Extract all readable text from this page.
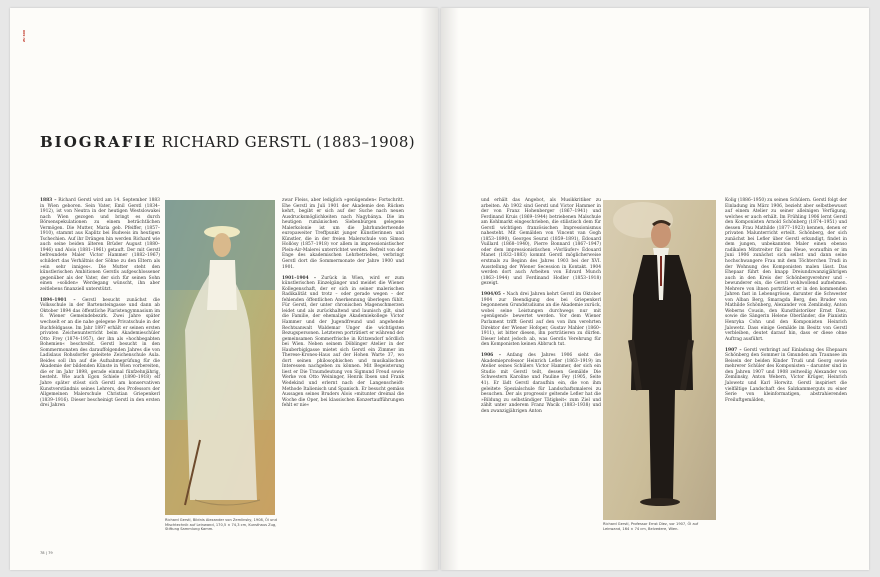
ZU 600
BIOGRAFIE RICHARD GERSTL (1883–1908)

1883 – Richard Gerstl wird am 14. September 1883 in Wien geboren. Sein Vater, Emil Gerstl (1834–1912), ist von Neutra in der heutigen Westslowakei nach Wien gezogen und bringt es durch Börsenspekulationen zu einem beträchtlichen Vermögen. Die Mutter, Maria geb. Pfeiffer, (1857–1910), stammt aus Kaplitz bei Budweis im heutigen Tschechien. Auf ihr Drängen hin werden Richard wie auch seine beiden älteren Brüder August (1880–1946) und Alois (1881–1961) getauft. Der mit Gerstl befreundete Maler Victor Hammer (1882–1967) schildert das Verhältnis der Söhne zu den Eltern als »ein sehr inniges«. Die Mutter steht den künstlerischen Ambitionen Gerstls aufgeschlossener gegenüber als der Vater, der sich für seinen Sohn einen »soliden« Werdegang wünscht, ihn aber zeitlebens finanziell unterstützt.

1894–1901 – Gerstl besucht zunächst die Volksschule in der Bartensteingasse und dann ab Oktober 1894 das öffentliche Piaristengymnasium im 8. Wiener Gemeindebezirk. Zwei Jahre später wechselt er an die nahe gelegene Privatschule in der Buchfeldgasse. Im Jahr 1897 erhält er seinen ersten privaten Zeichenunterricht beim Akademieschüler Otto Frey (1874–1957), der ihn als »hochbegabten Bohemien« beschreibt. Gerstl besucht in den Sommermonaten des darauffolgenden Jahres die von Ladislaus Rohsdorfer geleitete Zeichenschule Aula. Beides soll ihn auf die Aufnahmeprüfung für die Akademie der bildenden Künste in Wien vorbereiten, die er im Jahr 1898, gerade einmal fünfzehnjährig, besteht. Wie auch Egon Schiele (1890–1918) elf Jahre später stösst sich Gerstl am konservativen Kunstverständnis seines Lehrers, des Professors der Allgemeinen Malerschule Christian Griepenkerl (1839–1916). Dieser bescheinigt Gerstl in den ersten drei Jahren

Richard Gerstl, Bildnis Alexander von Zemlinsky, 1908, Öl und Mischtechnik auf Leinwand, 170,5 × 74,3 cm, Kunsthaus Zug, Stiftung Sammlung Kamm.

zwar Fleiss, aber lediglich »genügenden« Fortschritt. Ehe Gerstl im Juli 1901 der Akademie den Rücken kehrt, begibt er sich auf der Suche nach neuen Ausdrucksmöglichkeiten nach Nagybánya. Die im heutigen rumänischen Siebenbürgen gelegene Malerkolonie ist um die Jahrhundertwende europaweiter Treffpunkt junger Künstlerinnen und Künstler, die in der freien Malerschule von Simon Hollósy (1857–1918) vor allem in impressionistischer Plein-Air-Malerei unterrichtet werden. Befreit von der Enge des akademischen Lehrbetriebes, verbringt Gerstl dort die Sommermonate der Jahre 1900 und 1901.

1901–1904 – Zurück in Wien, wird er zum künstlerischen Einzelgänger und meidet die Wiener Kollegenschaft, der er sich in seiner malerischen Radikalität und trotz – oder gerade wegen – der fehlenden öffentlichen Anerkennung überlegen fühlt. Für Gerstl, der unter chronischen Magenschmerzen leidet und als zurückhaltend und launisch gilt, sind die Familie, der ehemalige Akademiekollege Victor Hammer und der Jugendfreund und angehende Rechtsanwalt Waldemar Unger die wichtigsten Bezugspersonen. Letzteren porträtiert er während der gemeinsamen Sommerfrische in Kritzendorf nördlich bei Wien. Neben seinem Döblinger Atelier in der Hauberbiglgasse mietet sich Gerstl ein Zimmer im Therese-Krones-Haus auf der Hohen Warte 37, wo dort seinen philosophischen und musikalischen Interessen nachgeben zu können. Mit Begeisterung liest er Die Traumdeutung von Sigmund Freud sowie Werke von Otto Weininger, Henrik Ibsen und Frank Wedekind und erlernt nach der Langenscheidt-Methode Italienisch und Spanisch. Er besucht gemäss Aussagen seines Bruders Alois »mitunter dreimal die Woche die Oper, bei klassischen Konzertaufführungen fehlt er nie«

78 | 79

und erhält das Angebot, als Musikkritiker zu arbeiten. Ab 1902 sind Gerstl und Victor Hammer in der von Franz Hohenberger (1867–1941) und Ferdinand Kruis (1869–1944) betriebenen Malschule am Kohlmarkt eingeschrieben, die stilistisch dem für Gerstl wichtigen französischen Impressionismus nahesteht. Mit Gemälden von Vincent van Gogh (1853–1890), Georges Seurat (1859–1891), Édouard Vuillard (1868–1940), Pierre Bonnard (1867–1947) oder dem impressionistischen »Vorläufer« Édouard Manet (1832–1883) kommt Gerstl möglicherweise erstmals zu Beginn des Jahres 1903 bei der XVI. Ausstellung der Wiener Secession in Kontakt. 1904 werden dort auch Arbeiten von Edvard Munch (1863–1944) und Ferdinand Hodler (1853–1918) gezeigt.

1904/05 – Nach drei Jahren kehrt Gerstl im Oktober 1904 zur Beendigung des bei Griepenkerl begonnenen Grundstudiums an die Akademie zurück, wobei seine Leistungen durchwegs nur mit »genügend« bewertet werden. Vor dem Wiener Parlament trifft Gerstl auf den von ihm verehrten Direktor der Wiener Hofoper, Gustav Mahler (1860–1911), ist bitter diesen, ihn porträtieren zu dürfen. Dieser lehnt jedoch ab, was Gerstls Verehrung für den Komponisten keinen Abbruch tut.

1906 – Anfang des Jahres 1906 sieht die Akademieprofessor Heinrich Lefler (1863–1919) im Atelier seines Schülers Victor Hammer, der sich ein Studio mit Gerstl teilt, dessen Gemälde Die Schwestern Karoline und Pauline Fey (1905, Seite 41). Er lädt Gerstl daraufhin ein, die von ihm geleitete Spezialschule für Landschaftsmalerei zu besuchen. Der als progressiv geltende Lefler hat die »Bildung zu selbständiger Tätigkeit« zum Ziel und zählt unter anderem Franz Wacik (1883–1938) und den zwanzigjährigen Anton

Richard Gerstl, Professor Ernst Diez, vor 1907, Öl auf Leinwand, 164 × 74 cm, Belvedere, Wien.

Kolig (1886–1950) zu seinen Schülern. Gerstl folgt der Einladung im März 1906, bezieht aber selbstbewusst auf einem Atelier zu seiner alleinigen Verfügung, welches er auch erhält. Im Frühling 1906 lernt Gerstl den Komponisten Arnold Schönberg (1874–1951) und dessen Frau Mathilde (1877–1923) kennen, denen er privaten Malunterricht erteilt. Schönberg, der sich zunächst bei Lefler über Gerstl erkundigt, findet in dem jungen, unbekannten Maler einen ebenso radikalen Mitstreiter für das Neue, woraufhin er im Juni 1906 zunächst sich selbst und dann seine hochschwangere Frau mit dem Töchterchen Trudi in der Wohnung des Komponisten malen lässt. Das Ehepaar führt den knapp Dreiundzwanzigjährigen auch in den Kreis der Schönbergverehrer und -bewunderer ein, die Gerstl wohlwollend aufnehmen. Mehrere von ihnen porträtiert er in den kommenden Jahren fast in Lebensgrösse, darunter die Schwester von Alban Berg, Smaragda Berg, den Bruder von Mathilde Schönberg, Alexander von Zemlinsky, Anton Weberns Cousin, den Kunsthistoriker Ernst Diez, sowie die Sängerin Helene Oberländer, die Pianistin Henryka Cohn und den Komponisten Heinrich Jalowetz. Dass einige Gemälde im Besitz von Gerstl verbleiben, deutet darauf hin, dass er diese ohne Auftrag ausführt.

1907 – Gerstl verbringt auf Einladung des Ehepaars Schönberg den Sommer in Gmunden am Traunsee im Beisein der beiden Kinder Trudi und Georg sowie mehrerer Schüler des Komponisten – darunter sind in den Jahren 1907 und 1908 zeitweilig Alexander von Zemlinsky, Anton Webern, Victor Krüger, Heinrich Jalowetz und Karl Horwitz. Gerstl inspiriert die vielfältige Landschaft des Salzkammerguts zu einer Serie von kleinformatigen, abstrahierenden Freiluftgemälden,
